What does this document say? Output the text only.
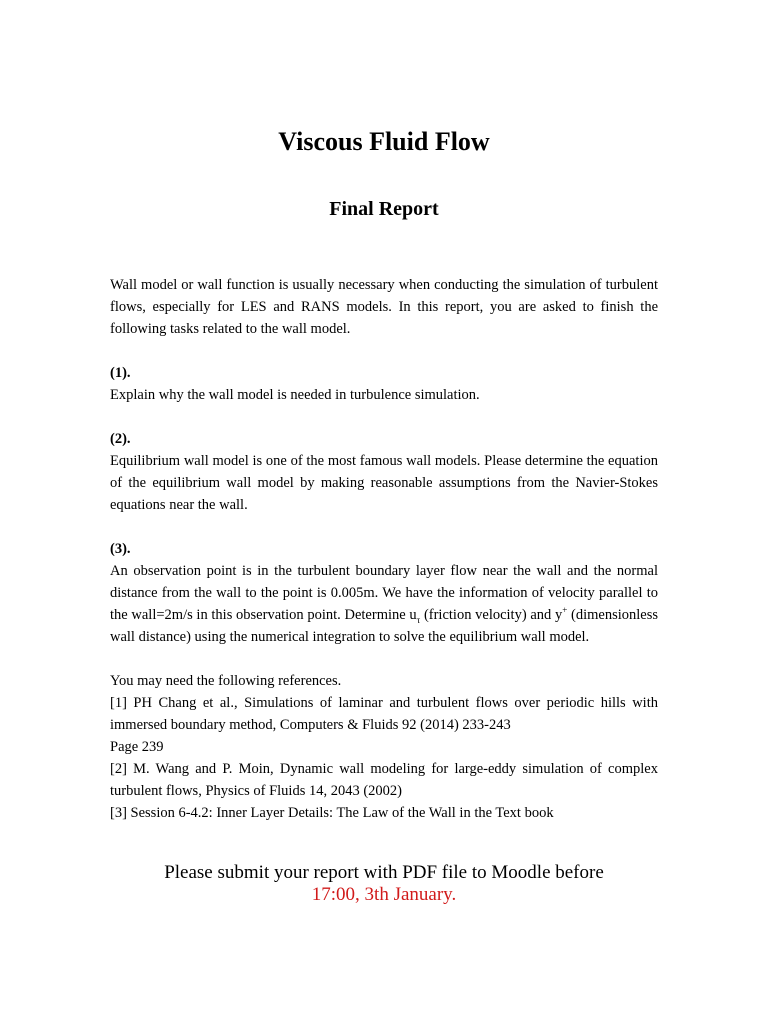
Viscous Fluid Flow
Final Report

Wall model or wall function is usually necessary when conducting the simulation of turbulent flows, especially for LES and RANS models. In this report, you are asked to finish the following tasks related to the wall model.

(1).

Explain why the wall model is needed in turbulence simulation.

(2).

Equilibrium wall model is one of the most famous wall models. Please determine the equation of the equilibrium wall model by making reasonable assumptions from the Navier-Stokes equations near the wall.

(3).

An observation point is in the turbulent boundary layer flow near the wall and the normal distance from the wall to the point is 0.005m. We have the information of velocity parallel to the wall=2m/s in this observation point. Determine $u_\tau$ (friction velocity) and y+ (dimensionless wall distance) using the numerical integration to solve the equilibrium wall model.

You may need the following references.

[1] PH Chang et al., Simulations of laminar and turbulent flows over periodic hills with immersed boundary method, Computers & Fluids 92 (2014) 233-243

Page 239

[2] M. Wang and P. Moin, Dynamic wall modeling for large-eddy simulation of complex turbulent flows, Physics of Fluids 14, 2043 (2002)

[3] Session 6-4.2: Inner Layer Details: The Law of the Wall in the Text book

Please submit your report with PDF file to Moodle before
17:00, 3th January.
